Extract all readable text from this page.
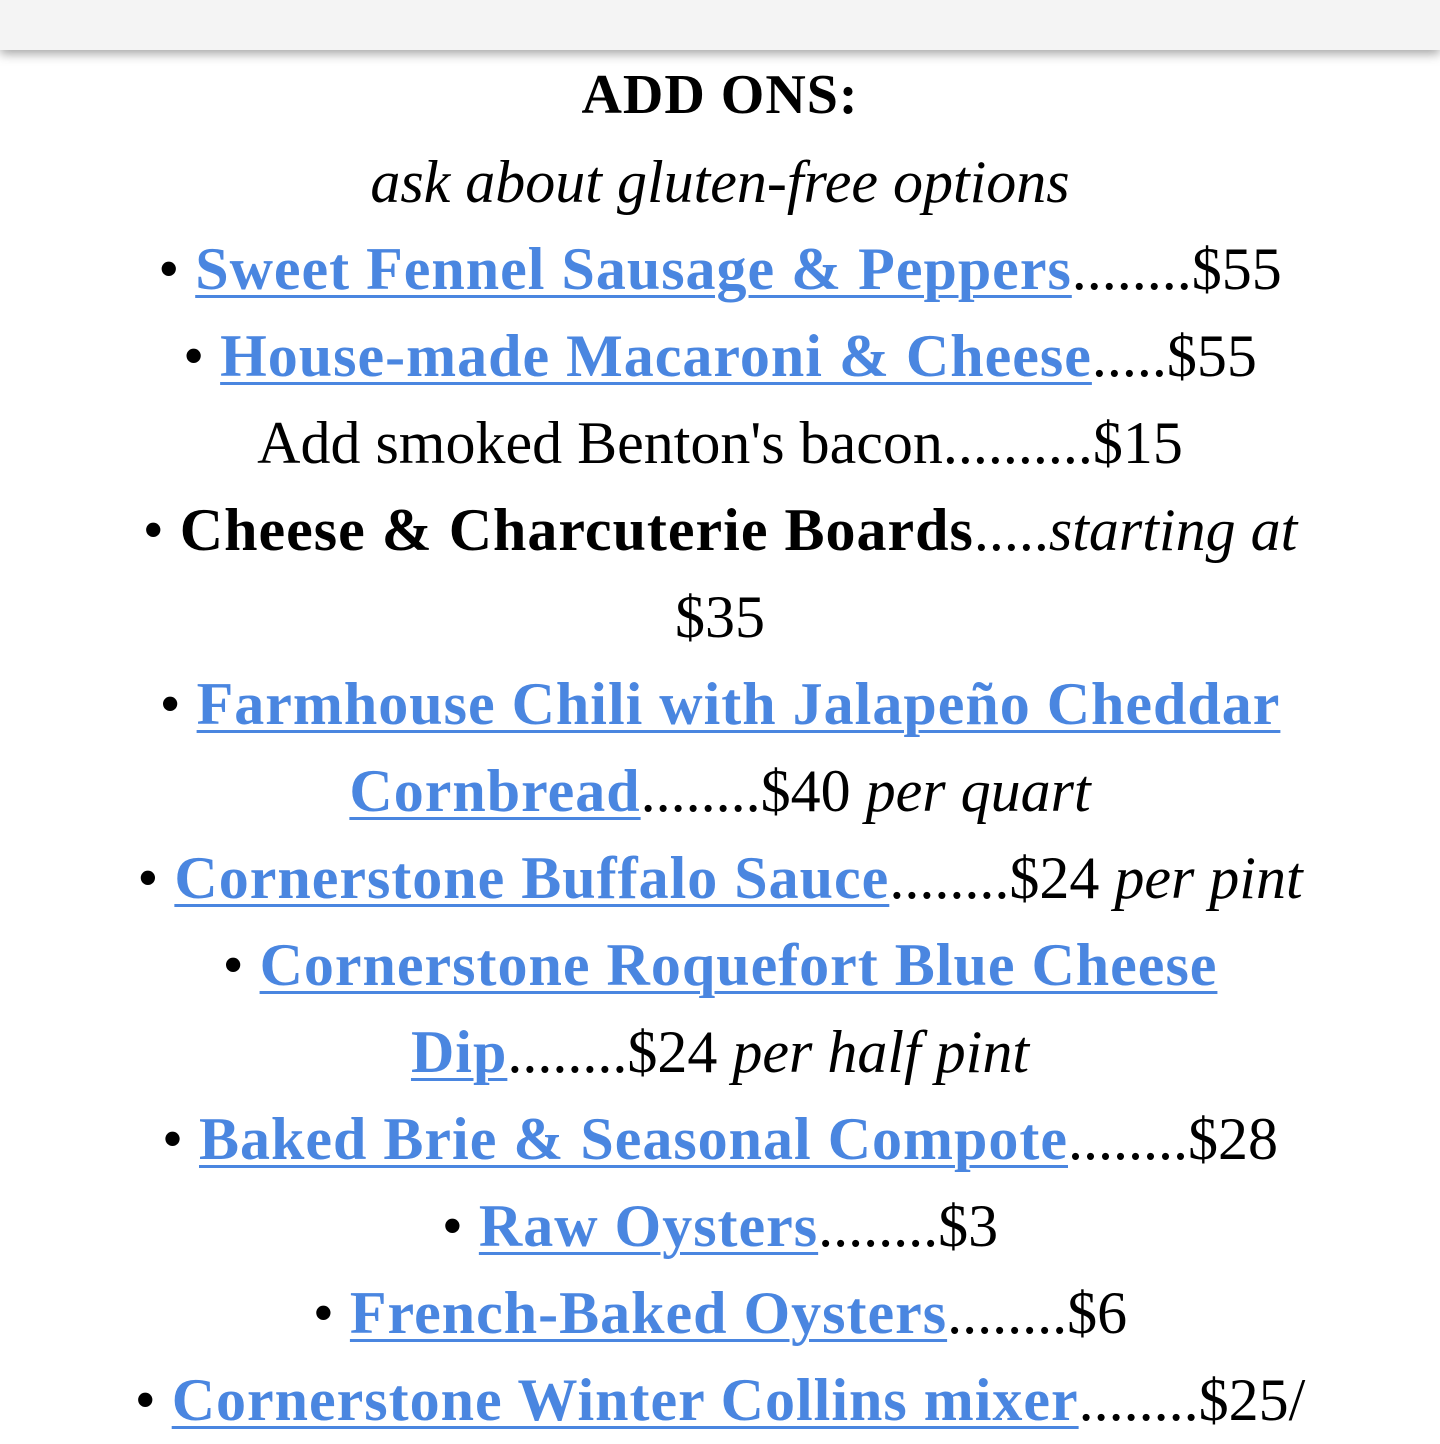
ADD ONS:
ask about gluten-free options
• Sweet Fennel Sausage & Peppers........$55
• House-made Macaroni & Cheese.....$55
Add smoked Benton's bacon..........$15
• Cheese & Charcuterie Boards.....starting at
$35
• Farmhouse Chili with Jalapeño Cheddar
Cornbread........$40 per quart
• Cornerstone Buffalo Sauce........$24 per pint
• Cornerstone Roquefort Blue Cheese
Dip........$24 per half pint
• Baked Brie & Seasonal Compote........$28
• Raw Oysters........$3
• French-Baked Oysters........$6
• Cornerstone Winter Collins mixer........$25/
